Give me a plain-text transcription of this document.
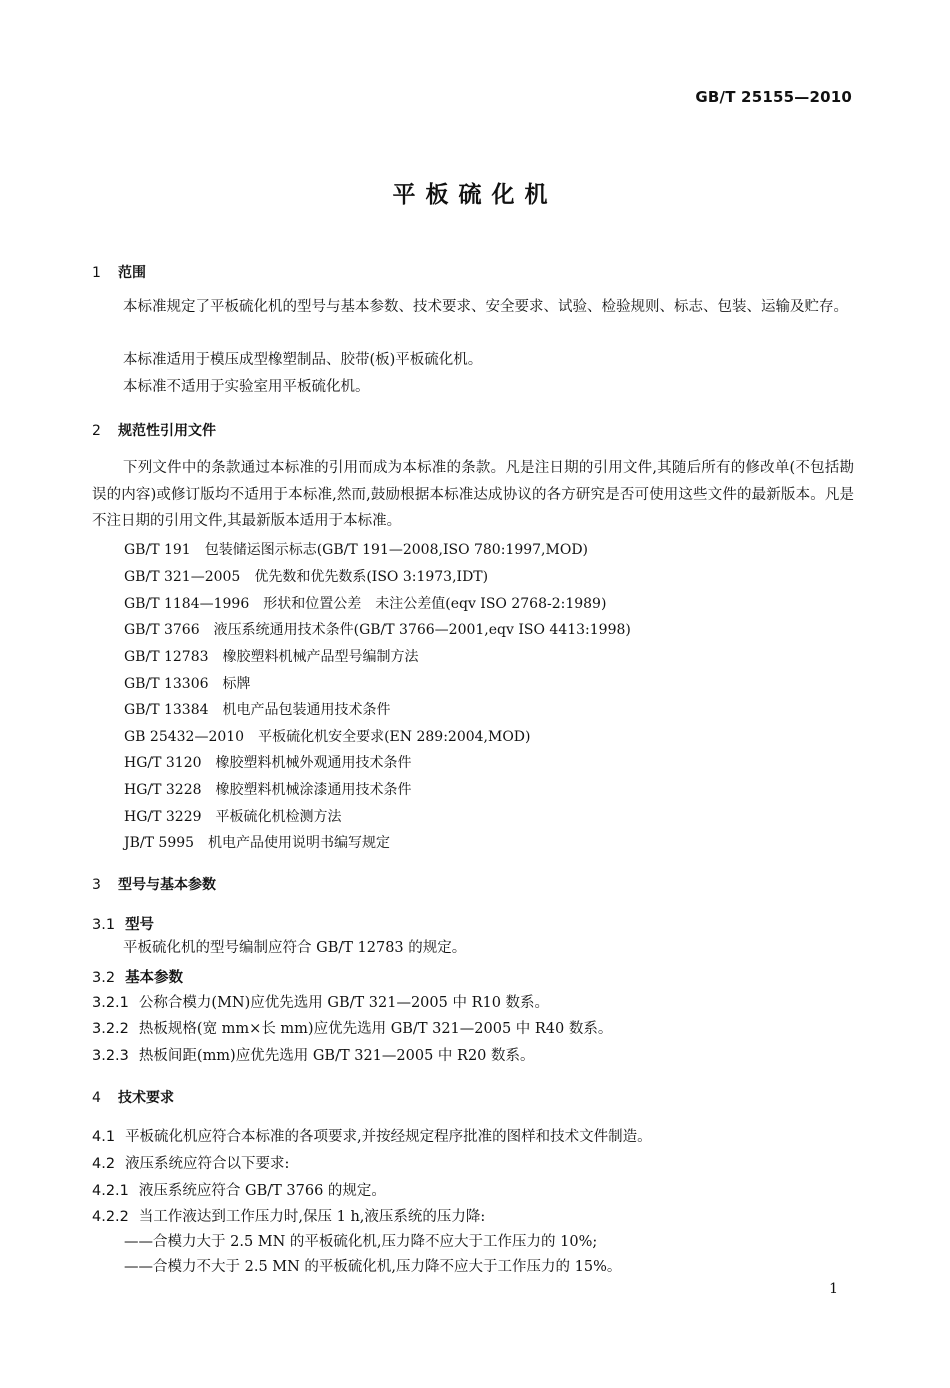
GB/T 25155—2010
平板硫化机
1 范围
本标准规定了平板硫化机的型号与基本参数、技术要求、安全要求、试验、检验规则、标志、包装、运输及贮存。
本标准适用于模压成型橡塑制品、胶带(板)平板硫化机。
本标准不适用于实验室用平板硫化机。
2 规范性引用文件
下列文件中的条款通过本标准的引用而成为本标准的条款。凡是注日期的引用文件,其随后所有的修改单(不包括勘误的内容)或修订版均不适用于本标准,然而,鼓励根据本标准达成协议的各方研究是否可使用这些文件的最新版本。凡是不注日期的引用文件,其最新版本适用于本标准。
GB/T 191 包装储运图示标志(GB/T 191—2008,ISO 780:1997,MOD)
GB/T 321—2005 优先数和优先数系(ISO 3:1973,IDT)
GB/T 1184—1996 形状和位置公差　未注公差值(eqv ISO 2768-2:1989)
GB/T 3766 液压系统通用技术条件(GB/T 3766—2001,eqv ISO 4413:1998)
GB/T 12783 橡胶塑料机械产品型号编制方法
GB/T 13306 标牌
GB/T 13384 机电产品包装通用技术条件
GB 25432—2010 平板硫化机安全要求(EN 289:2004,MOD)
HG/T 3120 橡胶塑料机械外观通用技术条件
HG/T 3228 橡胶塑料机械涂漆通用技术条件
HG/T 3229 平板硫化机检测方法
JB/T 5995 机电产品使用说明书编写规定
3 型号与基本参数
3.1 型号
平板硫化机的型号编制应符合 GB/T 12783 的规定。
3.2 基本参数
3.2.1 公称合模力(MN)应优先选用 GB/T 321—2005 中 R10 数系。
3.2.2 热板规格(宽 mm×长 mm)应优先选用 GB/T 321—2005 中 R40 数系。
3.2.3 热板间距(mm)应优先选用 GB/T 321—2005 中 R20 数系。
4 技术要求
4.1 平板硫化机应符合本标准的各项要求,并按经规定程序批准的图样和技术文件制造。
4.2 液压系统应符合以下要求:
4.2.1 液压系统应符合 GB/T 3766 的规定。
4.2.2 当工作液达到工作压力时,保压 1 h,液压系统的压力降:
——合模力大于 2.5 MN 的平板硫化机,压力降不应大于工作压力的 10%;
——合模力不大于 2.5 MN 的平板硫化机,压力降不应大于工作压力的 15%。
1
